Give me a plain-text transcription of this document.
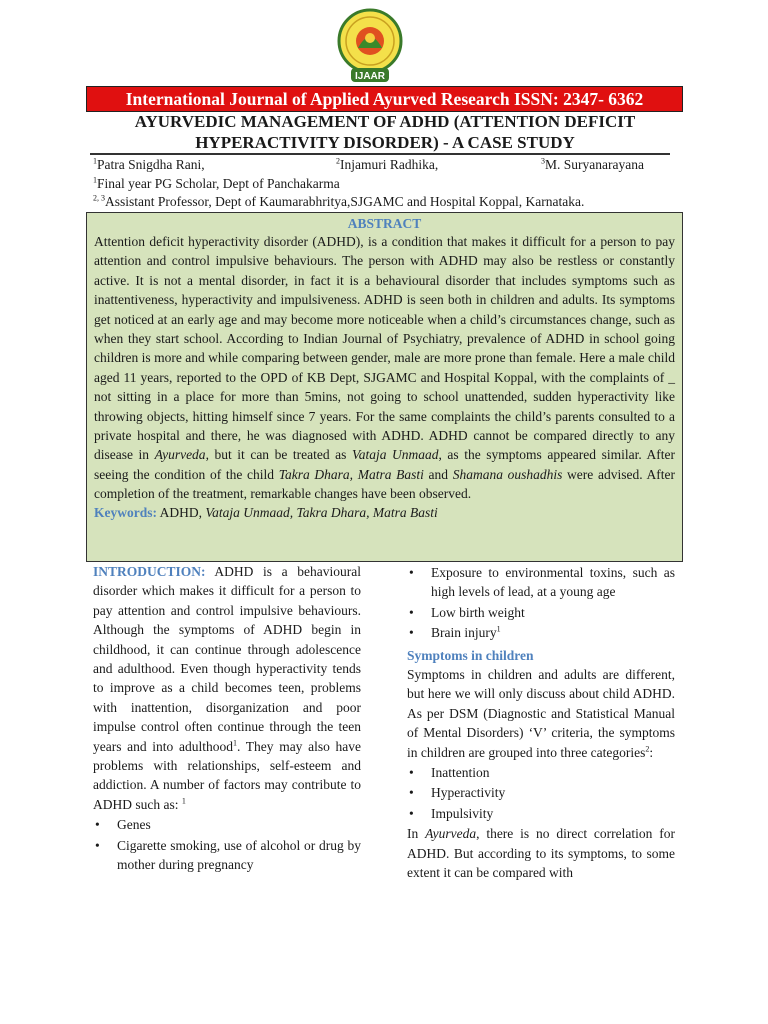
IJAAR
International Journal of Applied Ayurved Research ISSN: 2347- 6362
AYURVEDIC MANAGEMENT OF ADHD (ATTENTION DEFICIT
HYPERACTIVITY DISORDER) - A CASE STUDY
$^1$Patra Snigdha Rani,	$^2$Injamuri Radhika,	$^3$M. Suryanarayana
$^1$Final year PG Scholar, Dept of Panchakarma
$^{2, 3}$Assistant Professor, Dept of Kaumarabhritya,SJGAMC and Hospital Koppal, Karnataka.
ABSTRACT

Attention deficit hyperactivity disorder (ADHD), is a condition that makes it difficult for a person to pay attention and control impulsive behaviours. The person with ADHD may also be restless or constantly active. It is not a mental disorder, in fact it is a behavioural disorder that includes symptoms such as inattentiveness, hyperactivity and impulsiveness. ADHD is seen both in children and adults. Its symptoms get noticed at an early age and may become more noticeable when a child’s circumstances change, such as when they start school. According to Indian Journal of Psychiatry, prevalence of ADHD in school going children is more and while comparing between gender, male are more prone than female. Here a male child aged 11 years, reported to the OPD of KB Dept, SJGAMC and Hospital Koppal, with the complaints of _ not sitting in a place for more than 5mins, not going to school unattended, sudden hyperactivity like throwing objects, hitting himself since 7 years. For the same complaints the child’s parents consulted to a private hospital and there, he was diagnosed with ADHD. ADHD cannot be compared directly to any disease in Ayurveda, but it can be treated as Vataja Unmaad, as the symptoms appeared similar. After seeing the condition of the child Takra Dhara, Matra Basti and Shamana oushadhis were advised. After completion of the treatment, remarkable changes have been observed.

Keywords: ADHD, Vataja Unmaad, Takra Dhara, Matra Basti

INTRODUCTION: ADHD is a behavioural disorder which makes it difficult for a person to pay attention and control impulsive behaviours. Although the symptoms of ADHD begin in childhood, it can continue through adolescence and adulthood. Even though hyperactivity tends to improve as a child becomes teen, problems with inattention, disorganization and poor impulse control often continue through the teen years and into adulthood$^1$. They may also have problems with relationships, self-esteem and addiction. A number of factors may contribute to ADHD such as: $^1$

• Genes
• Cigarette smoking, use of alcohol or drug by mother during pregnancy
• Exposure to environmental toxins, such as high levels of lead, at a young age
• Low birth weight
• Brain injury$^1$
Symptoms in children

Symptoms in children and adults are different, but here we will only discuss about child ADHD. As per DSM (Diagnostic and Statistical Manual of Mental Disorders) ‘V’ criteria, the symptoms in children are grouped into three categories$^2$:

• Inattention
• Hyperactivity
• Impulsivity

In Ayurveda, there is no direct correlation for ADHD. But according to its symptoms, to some extent it can be compared with
